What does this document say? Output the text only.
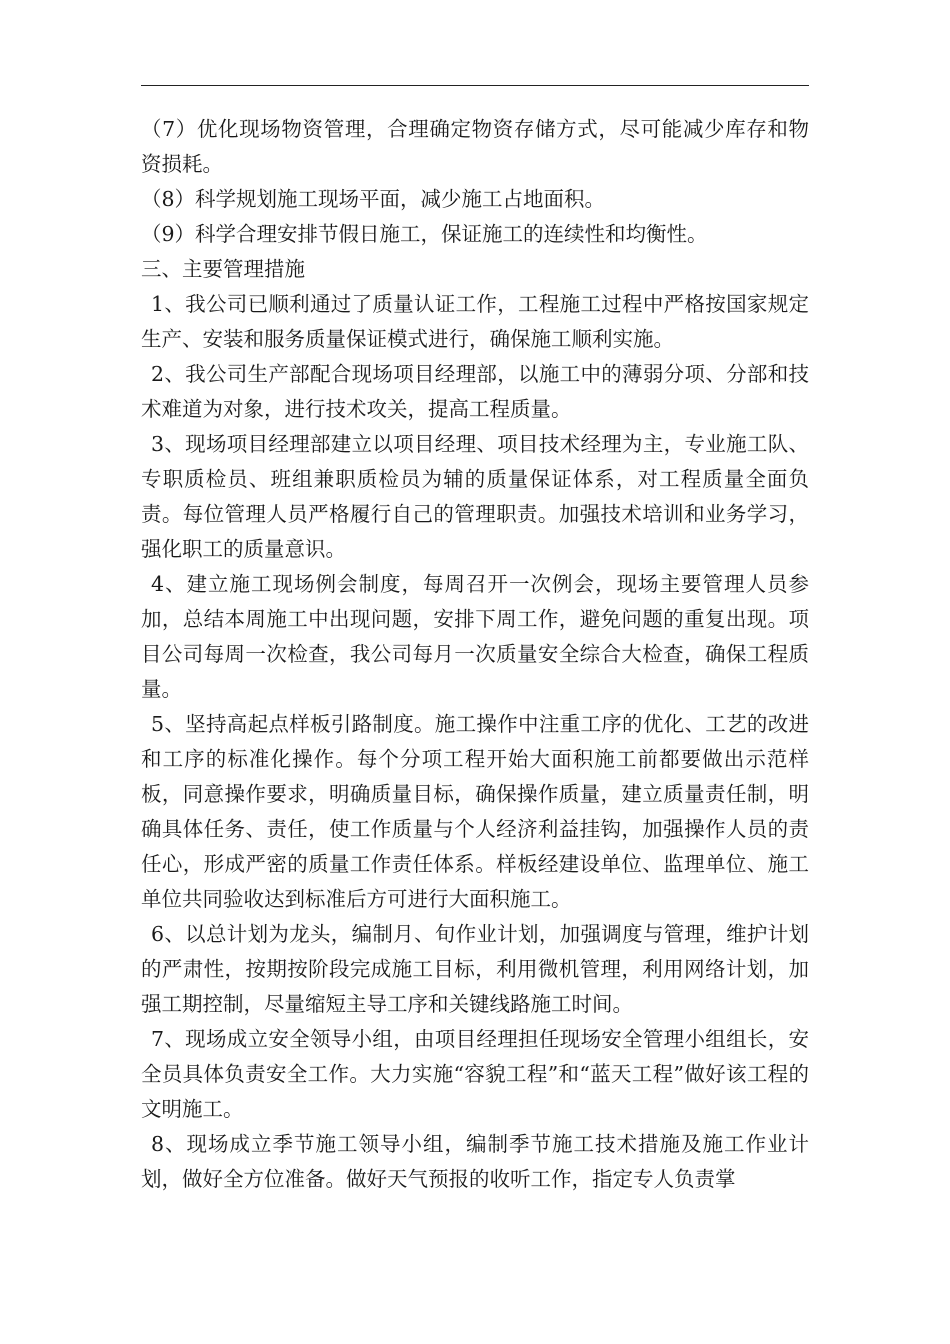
（7）优化现场物资管理，合理确定物资存储方式，尽可能减少库存和物资损耗。

（8）科学规划施工现场平面，减少施工占地面积。

（9）科学合理安排节假日施工，保证施工的连续性和均衡性。

三、主要管理措施

1、我公司已顺利通过了质量认证工作，工程施工过程中严格按国家规定生产、安装和服务质量保证模式进行，确保施工顺利实施。

2、我公司生产部配合现场项目经理部，以施工中的薄弱分项、分部和技术难道为对象，进行技术攻关，提高工程质量。

3、现场项目经理部建立以项目经理、项目技术经理为主，专业施工队、专职质检员、班组兼职质检员为辅的质量保证体系，对工程质量全面负责。每位管理人员严格履行自己的管理职责。加强技术培训和业务学习，强化职工的质量意识。

4、建立施工现场例会制度，每周召开一次例会，现场主要管理人员参加，总结本周施工中出现问题，安排下周工作，避免问题的重复出现。项目公司每周一次检查，我公司每月一次质量安全综合大检查，确保工程质量。

5、坚持高起点样板引路制度。施工操作中注重工序的优化、工艺的改进和工序的标准化操作。每个分项工程开始大面积施工前都要做出示范样板，同意操作要求，明确质量目标，确保操作质量，建立质量责任制，明确具体任务、责任，使工作质量与个人经济利益挂钩，加强操作人员的责任心，形成严密的质量工作责任体系。样板经建设单位、监理单位、施工单位共同验收达到标准后方可进行大面积施工。

6、以总计划为龙头，编制月、旬作业计划，加强调度与管理，维护计划的严肃性，按期按阶段完成施工目标，利用微机管理，利用网络计划，加强工期控制，尽量缩短主导工序和关键线路施工时间。

7、现场成立安全领导小组，由项目经理担任现场安全管理小组组长，安全员具体负责安全工作。大力实施“容貌工程”和“蓝天工程”做好该工程的文明施工。

8、现场成立季节施工领导小组，编制季节施工技术措施及施工作业计划，做好全方位准备。做好天气预报的收听工作，指定专人负责掌
